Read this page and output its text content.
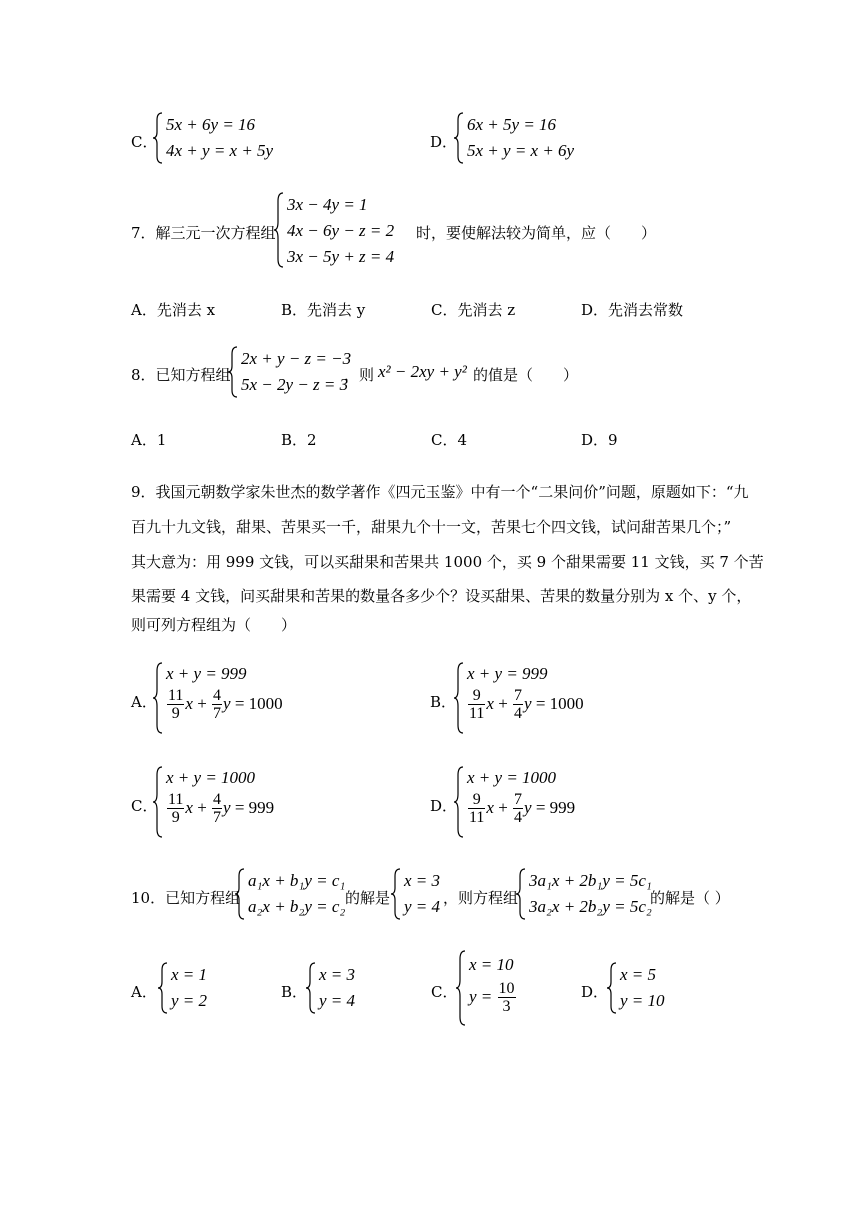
C．
5x + 6y = 16
4x + y = x + 5y	D．
6x + 5y = 16
5x + y = x + 6y
7．解三元一次方程组
3x − 4y = 1
4x − 6y − z = 2
3x − 5y + z = 4
时，要使解法较为简单，应（　　）
A．先消去 x	B．先消去 y	C．先消去 z	D．先消去常数
8．已知方程组
2x + y − z = −3
5x − 2y − z = 3
，则 x² − 2xy + y² 的值是（　　）
A．1	B．2	C．4	D．9
9．我国元朝数学家朱世杰的数学著作《四元玉鉴》中有一个“二果问价”问题，原题如下：“九
百九十九文钱，甜果、苦果买一千，甜果九个十一文，苦果七个四文钱，试问甜苦果几个；”
其大意为：用 999 文钱，可以买甜果和苦果共 1000 个，买 9 个甜果需要 11 文钱，买 7 个苦
果需要 4 文钱，问买甜果和苦果的数量各多少个？设买甜果、苦果的数量分别为 x 个、y 个，
则可列方程组为（　　）
A．
x + y = 999
$\frac{11}{9}$ $x + \frac{4}{7}$ y = 1000	B．
x + y = 999
$\frac{9}{11}$ $x + \frac{7}{4}$ y = 1000
C．
x + y = 1000
$\frac{11}{9}$ $x + \frac{4}{7}$ y = 999	D．
x + y = 1000
$\frac{9}{11}$ $x + \frac{7}{4}$ y = 999
10．已知方程组
a₁x + b₁y = c₁
a₂x + b₂y = c₂ 的解是
x = 3
y = 4 ，则方程组
3a₁x + 2b₁y = 5c₁
3a₂x + 2b₂y = 5c₂
的解是（ ）
A．
x = 1
y = 2	B．
x = 3
y = 4	C．
x = 10
$y = \frac{10}{3}$	D．
x = 5
y = 10
